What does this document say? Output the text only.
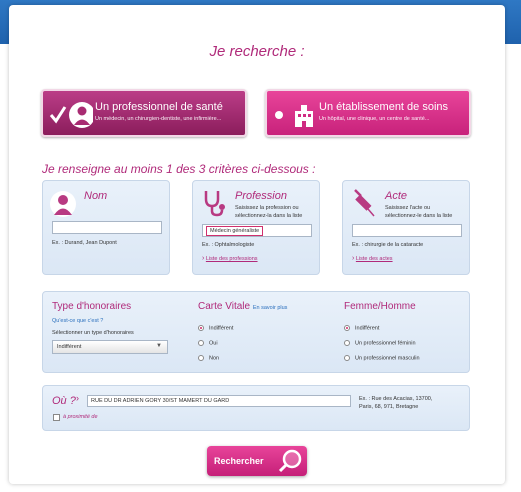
Je recherche :
Un professionnel de santé
Un médecin, un chirurgien-dentiste, une infirmière...
Un établissement de soins
Un hôpital, une clinique, un centre de santé...
Je renseigne au moins 1 des 3 critères ci-dessous :
Nom
Ex. : Durand, Jean Dupont
Profession
Saisissez la profession ou
sélectionnez-la dans la liste
Médecin généraliste
Ex. : Ophtalmologiste
› Liste des professions
Acte
Saisissez l'acte ou
sélectionnez-le dans la liste
Ex. : chirurgie de la cataracte
› Liste des actes
Type d'honoraires
Qu'est-ce que c'est ?
Sélectionner un type d'honoraires
Indifférent	▼
Carte Vitale En savoir plus
Indifférent
Oui
Non
Femme/Homme
Indifférent
Un professionnel féminin
Un professionnel masculin
Où ? ›	RUE DU DR ADRIEN GORY 30/ST MAMERT DU GARD	Ex. : Rue des Acacias, 13700,
Paris, 68, 971, Bretagne
à proximité de
Rechercher
